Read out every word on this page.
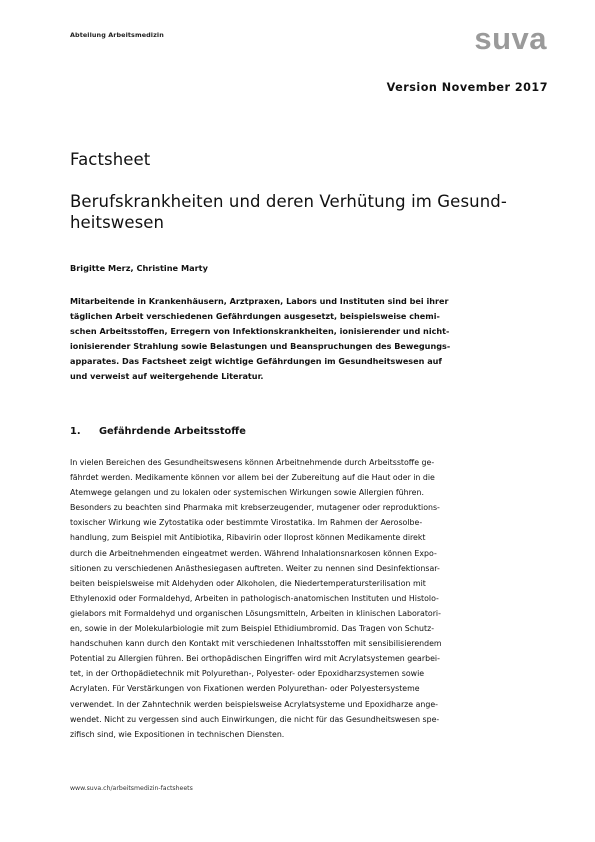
Abteilung Arbeitsmedizin	suva
Version November 2017
Factsheet
Berufskrankheiten und deren Verhütung im Gesund-heitswesen
Brigitte Merz, Christine Marty
Mitarbeitende in Krankenhäusern, Arztpraxen, Labors und Instituten sind bei ihrer
täglichen Arbeit verschiedenen Gefährdungen ausgesetzt, beispielsweise chemi-
schen Arbeitsstoffen, Erregern von Infektionskrankheiten, ionisierender und nicht-
ionisierender Strahlung sowie Belastungen und Beanspruchungen des Bewegungs-
apparates. Das Factsheet zeigt wichtige Gefährdungen im Gesundheitswesen auf
und verweist auf weitergehende Literatur.
1. Gefährdende Arbeitsstoffe
In vielen Bereichen des Gesundheitswesens können Arbeitnehmende durch Arbeitsstoffe ge-
fährdet werden. Medikamente können vor allem bei der Zubereitung auf die Haut oder in die
Atemwege gelangen und zu lokalen oder systemischen Wirkungen sowie Allergien führen.
Besonders zu beachten sind Pharmaka mit krebserzeugender, mutagener oder reproduktions-
toxischer Wirkung wie Zytostatika oder bestimmte Virostatika. Im Rahmen der Aerosolbe-
handlung, zum Beispiel mit Antibiotika, Ribavirin oder Iloprost können Medikamente direkt
durch die Arbeitnehmenden eingeatmet werden. Während Inhalationsnarkosen können Expo-
sitionen zu verschiedenen Anästhesiegasen auftreten. Weiter zu nennen sind Desinfektionsar-
beiten beispielsweise mit Aldehyden oder Alkoholen, die Niedertemperatursterilisation mit
Ethylenoxid oder Formaldehyd, Arbeiten in pathologisch-anatomischen Instituten und Histolo-
gielabors mit Formaldehyd und organischen Lösungsmitteln, Arbeiten in klinischen Laboratori-
en, sowie in der Molekularbiologie mit zum Beispiel Ethidiumbromid. Das Tragen von Schutz-
handschuhen kann durch den Kontakt mit verschiedenen Inhaltsstoffen mit sensibilisierendem
Potential zu Allergien führen. Bei orthopädischen Eingriffen wird mit Acrylatsystemen gearbei-
tet, in der Orthopädietechnik mit Polyurethan-, Polyester- oder Epoxidharzsystemen sowie
Acrylaten. Für Verstärkungen von Fixationen werden Polyurethan- oder Polyestersysteme
verwendet. In der Zahntechnik werden beispielsweise Acrylatsysteme und Epoxidharze ange-
wendet. Nicht zu vergessen sind auch Einwirkungen, die nicht für das Gesundheitswesen spe-
zifisch sind, wie Expositionen in technischen Diensten.
www.suva.ch/arbeitsmedizin-factsheets
